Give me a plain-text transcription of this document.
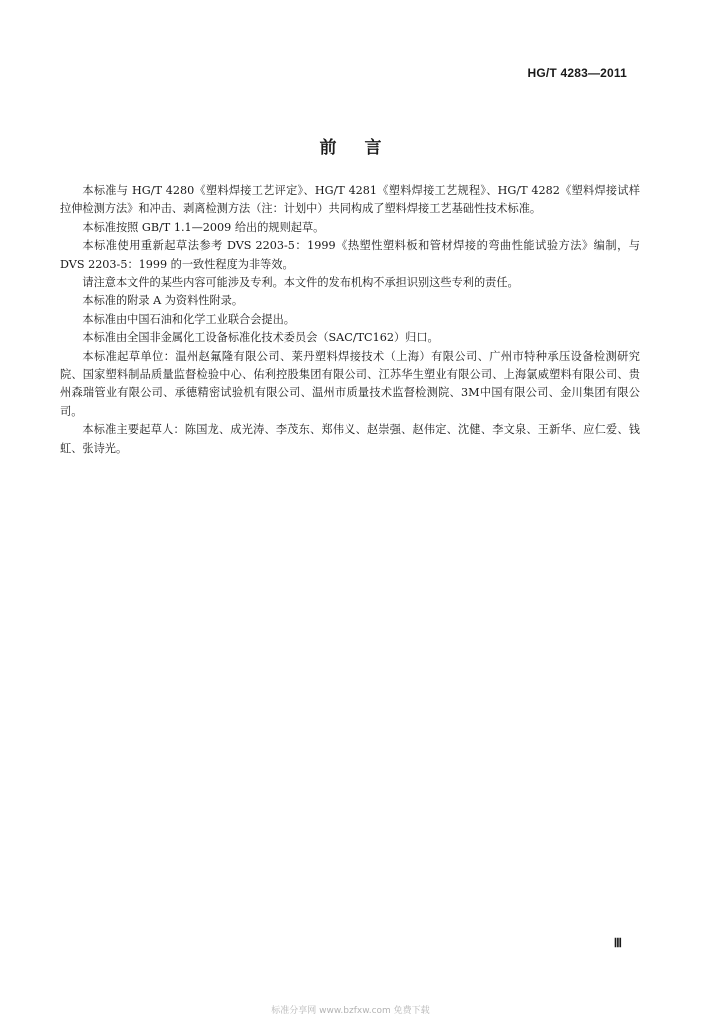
HG/T 4283—2011
前言

本标准与 HG/T 4280《塑料焊接工艺评定》、HG/T 4281《塑料焊接工艺规程》、HG/T 4282《塑料焊接试样 拉伸检测方法》和冲击、剥离检测方法（注：计划中）共同构成了塑料焊接工艺基础性技术标准。

本标准按照 GB/T 1.1—2009 给出的规则起草。

本标准使用重新起草法参考 DVS 2203-5：1999《热塑性塑料板和管材焊接的弯曲性能试验方法》编制，与 DVS 2203-5：1999 的一致性程度为非等效。

请注意本文件的某些内容可能涉及专利。本文件的发布机构不承担识别这些专利的责任。

本标准的附录 A 为资料性附录。

本标准由中国石油和化学工业联合会提出。

本标准由全国非金属化工设备标准化技术委员会（SAC/TC162）归口。

本标准起草单位：温州赵氟隆有限公司、莱丹塑料焊接技术（上海）有限公司、广州市特种承压设备检测研究院、国家塑料制品质量监督检验中心、佑利控股集团有限公司、江苏华生塑业有限公司、上海氯威塑料有限公司、贵州森瑞管业有限公司、承德精密试验机有限公司、温州市质量技术监督检测院、3M中国有限公司、金川集团有限公司。

本标准主要起草人：陈国龙、成光涛、李茂东、郑伟义、赵崇强、赵伟定、沈健、李文泉、王新华、应仁爱、钱虹、张诗光。

Ⅲ
标准分享网 www.bzfxw.com 免费下载
